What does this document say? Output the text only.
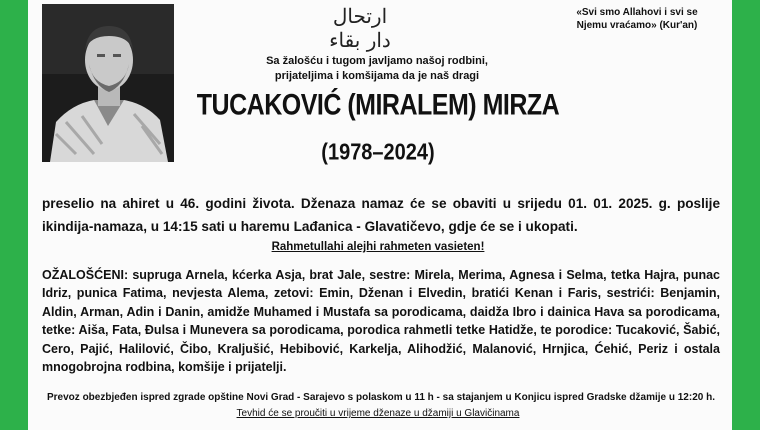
ارتحال دار بقاء
«Svi smo Allahovi i svi se
Njemu vraćamo» (Kur'an)
Sa žalošću i tugom javljamo našoj rodbini,
prijateljima i komšijama da je naš dragi
TUCAKOVIĆ (MIRALEM) MIRZA
(1978–2024)
preselio na ahiret u 46. godini života. Dženaza namaz će se obaviti u srijedu 01. 01. 2025. g. poslije ikindija-namaza, u 14:15 sati u haremu Lađanica - Glavatičevo, gdje će se i ukopati.
Rahmetullahi alejhi rahmeten vasieten!
OŽALOŠĆENI: supruga Arnela, kćerka Asja, brat Jale, sestre: Mirela, Merima, Agnesa i Selma, tetka Hajra, punac Idriz, punica Fatima, nevjesta Alema, zetovi: Emin, Dženan i Elvedin, bratići Kenan i Faris, sestrići: Benjamin, Aldin, Arman, Adin i Danin, amidže Muhamed i Mustafa sa porodicama, daidža Ibro i dainica Hava sa porodicama, tetke: Aiša, Fata, Đulsa i Munevera sa porodicama, porodica rahmetli tetke Hatidže, te porodice: Tucaković, Šabić, Cero, Pajić, Halilović, Čibo, Kraljušić, Hebibović, Karkelja, Alihodžić, Malanović, Hrnjica, Ćehić, Periz i ostala mnogobrojna rodbina, komšije i prijatelji.
Prevoz obezbjeđen ispred zgrade opštine Novi Grad - Sarajevo s polaskom u 11 h - sa stajanjem u Konjicu ispred Gradske džamije u 12:20 h.
Tevhid će se proučiti u vrijeme dženaze u džamiji u Glavičinama
